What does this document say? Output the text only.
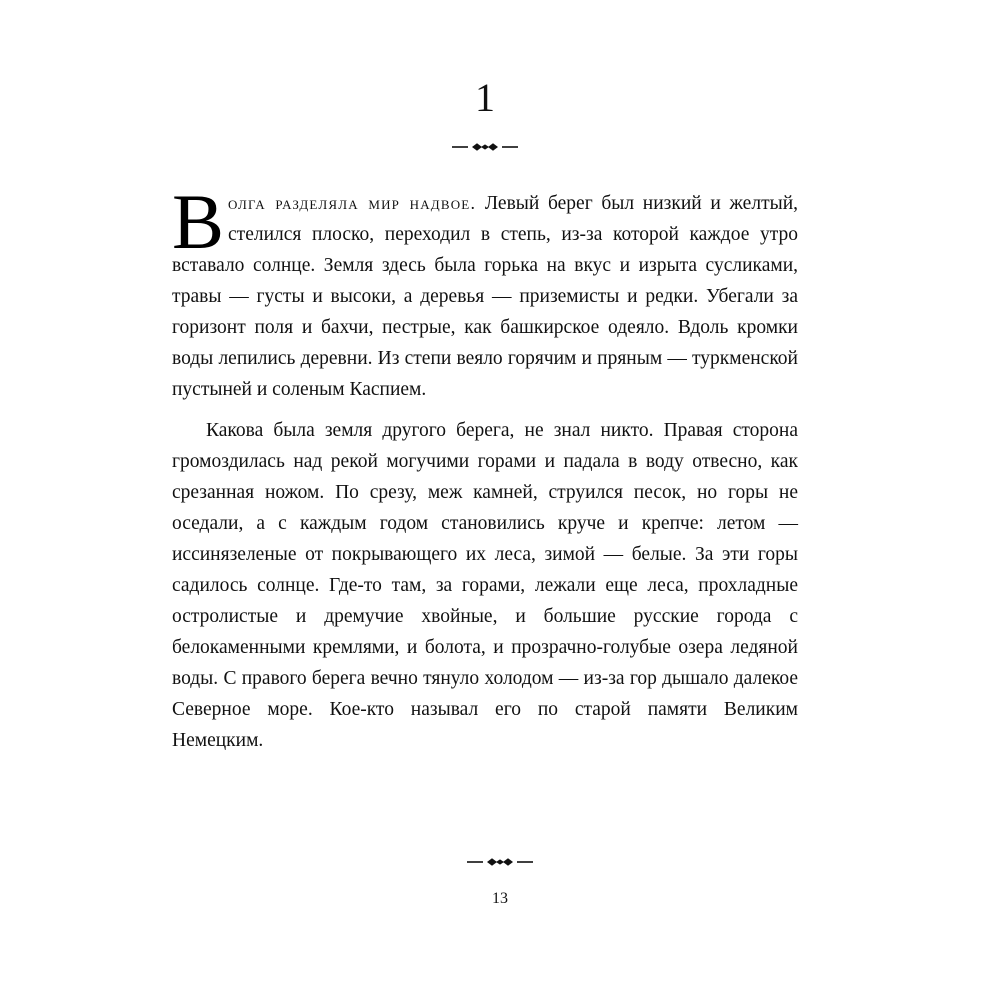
1

Волга разделяла мир надвое. Левый берег был низкий и желтый, стелился плоско, переходил в степь, из-за которой каждое утро вставало солнце. Земля здесь была горька на вкус и изрыта сусликами, травы — густы и высоки, а деревья — приземисты и редки. Убегали за горизонт поля и бахчи, пестрые, как башкирское одеяло. Вдоль кромки воды лепились деревни. Из степи веяло горячим и пряным — туркменской пустыней и соленым Каспием.

Какова была земля другого берега, не знал никто. Правая сторона громоздилась над рекой могучими горами и падала в воду отвесно, как срезанная ножом. По срезу, меж камней, струился песок, но горы не оседали, а с каждым годом становились круче и крепче: летом — иссинязеленые от покрывающего их леса, зимой — белые. За эти горы садилось солнце. Где-то там, за горами, лежали еще леса, прохладные остролистые и дремучие хвойные, и большие русские города с белокаменными кремлями, и болота, и прозрачно-голубые озера ледяной воды. С правого берега вечно тянуло холодом — из-за гор дышало далекое Северное море. Кое-кто называл его по старой памяти Великим Немецким.

13
